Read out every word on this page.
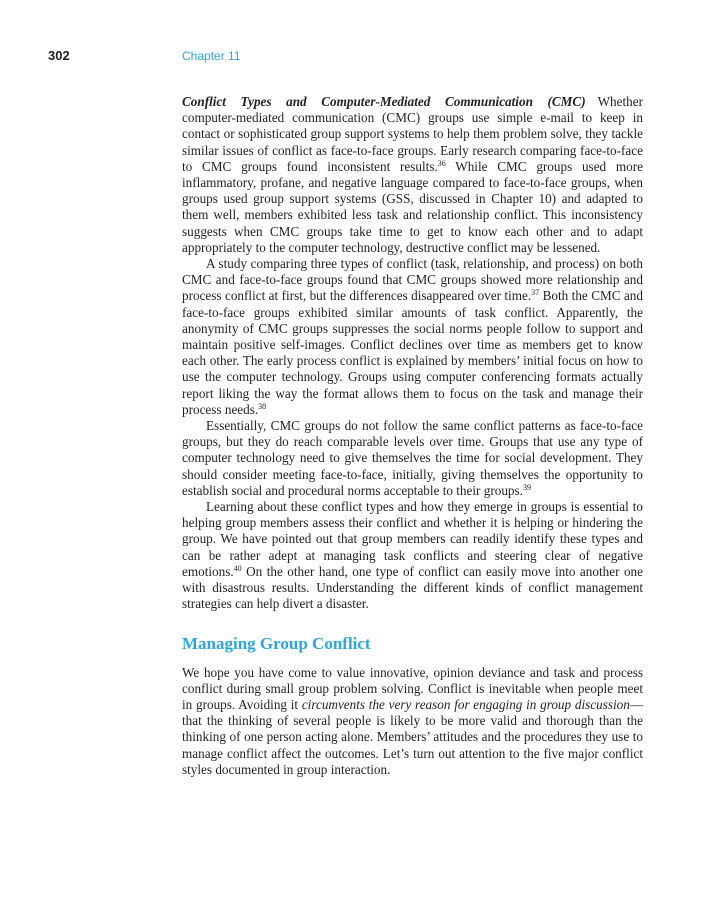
302	Chapter 11

Conflict Types and Computer-Mediated Communication (CMC) Whether computer-mediated communication (CMC) groups use simple e-mail to keep in contact or sophisticated group support systems to help them problem solve, they tackle similar issues of conflict as face-to-face groups. Early research comparing face-to-face to CMC groups found inconsistent results.$^{36}$ While CMC groups used more inflammatory, profane, and negative language compared to face-to-face groups, when groups used group support systems (GSS, discussed in Chapter 10) and adapted to them well, members exhibited less task and relationship conflict. This inconsistency suggests when CMC groups take time to get to know each other and to adapt appropriately to the computer technology, destructive conflict may be lessened.

A study comparing three types of conflict (task, relationship, and process) on both CMC and face-to-face groups found that CMC groups showed more relationship and process conflict at first, but the differences disappeared over time.$^{37}$ Both the CMC and face-to-face groups exhibited similar amounts of task conflict. Apparently, the anonymity of CMC groups suppresses the social norms people follow to support and maintain positive self-images. Conflict declines over time as members get to know each other. The early process conflict is explained by members’ initial focus on how to use the computer technology. Groups using computer conferencing formats actually report liking the way the format allows them to focus on the task and manage their process needs.$^{38}$

Essentially, CMC groups do not follow the same conflict patterns as face-to-face groups, but they do reach comparable levels over time. Groups that use any type of computer technology need to give themselves the time for social development. They should consider meeting face-to-face, initially, giving themselves the opportunity to establish social and procedural norms acceptable to their groups.$^{39}$

Learning about these conflict types and how they emerge in groups is essential to helping group members assess their conflict and whether it is helping or hindering the group. We have pointed out that group members can readily identify these types and can be rather adept at managing task conflicts and steering clear of negative emotions.$^{40}$ On the other hand, one type of conflict can easily move into another one with disastrous results. Understanding the different kinds of conflict management strategies can help divert a disaster.

Managing Group Conflict

We hope you have come to value innovative, opinion deviance and task and process conflict during small group problem solving. Conflict is inevitable when people meet in groups. Avoiding it circumvents the very reason for engaging in group discussion—that the thinking of several people is likely to be more valid and thorough than the thinking of one person acting alone. Members’ attitudes and the procedures they use to manage conflict affect the outcomes. Let’s turn out attention to the five major conflict styles documented in group interaction.
